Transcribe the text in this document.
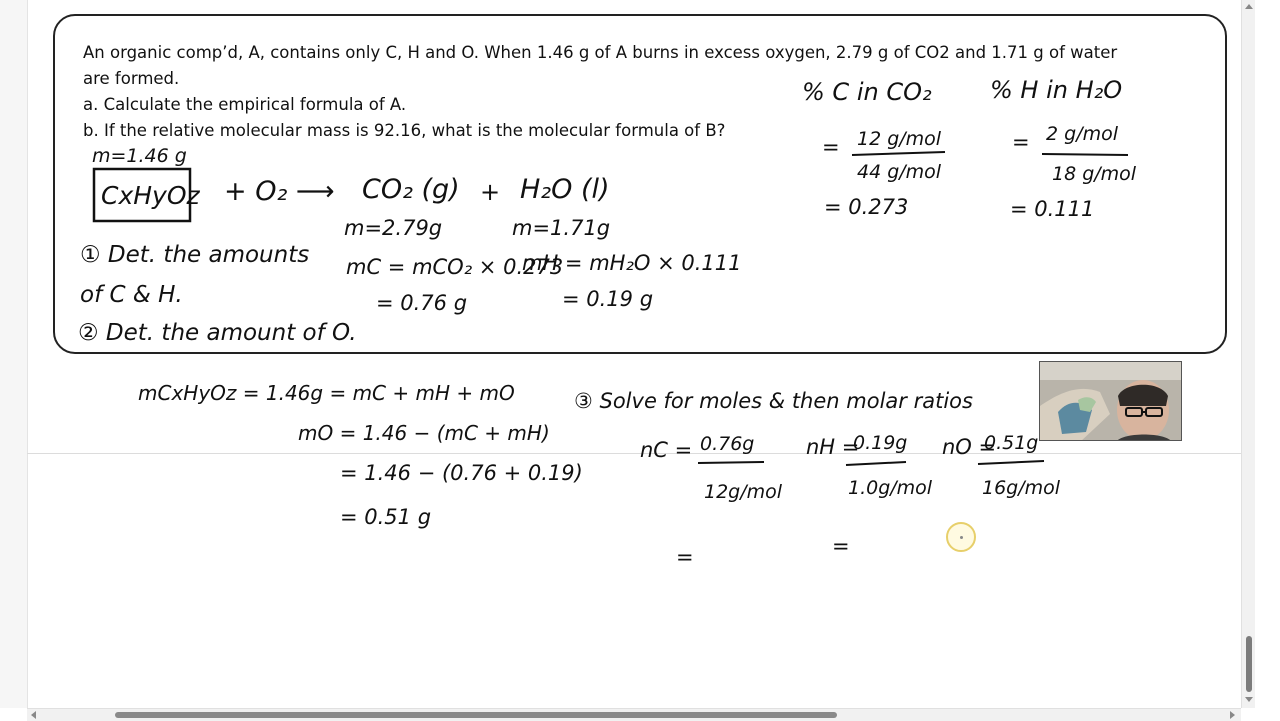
An organic comp’d, A, contains only C, H and O. When 1.46 g of A burns in excess oxygen, 2.79 g of CO2 and 1.71 g of water

are formed.

a. Calculate the empirical formula of A.

b. If the relative molecular mass is 92.16, what is the molecular formula of B?

m=1.46 g
CxHyOz + O₂ ⟶ CO₂ (g) + H₂O (l)
m=2.79g	m=1.71g
① Det. the amounts
of C & H.
② Det. the amount of O.
mC = mCO₂ × 0.273
= 0.76 g
mH = mH₂O × 0.111
= 0.19 g
% C in CO₂ % H in H₂O
= 12 g/mol
44 g/mol
= 0.273
= 2 g/mol
18 g/mol
= 0.111
mCxHyOz = 1.46g = mC + mH + mO
mO = 1.46 − (mC + mH)
= 1.46 − (0.76 + 0.19)
= 0.51 g
③ Solve for moles & then molar ratios
nC = 0.76g
12g/mol
nH =
0.19g
1.0g/mol
nO =
0.51g
16g/mol
=	=
